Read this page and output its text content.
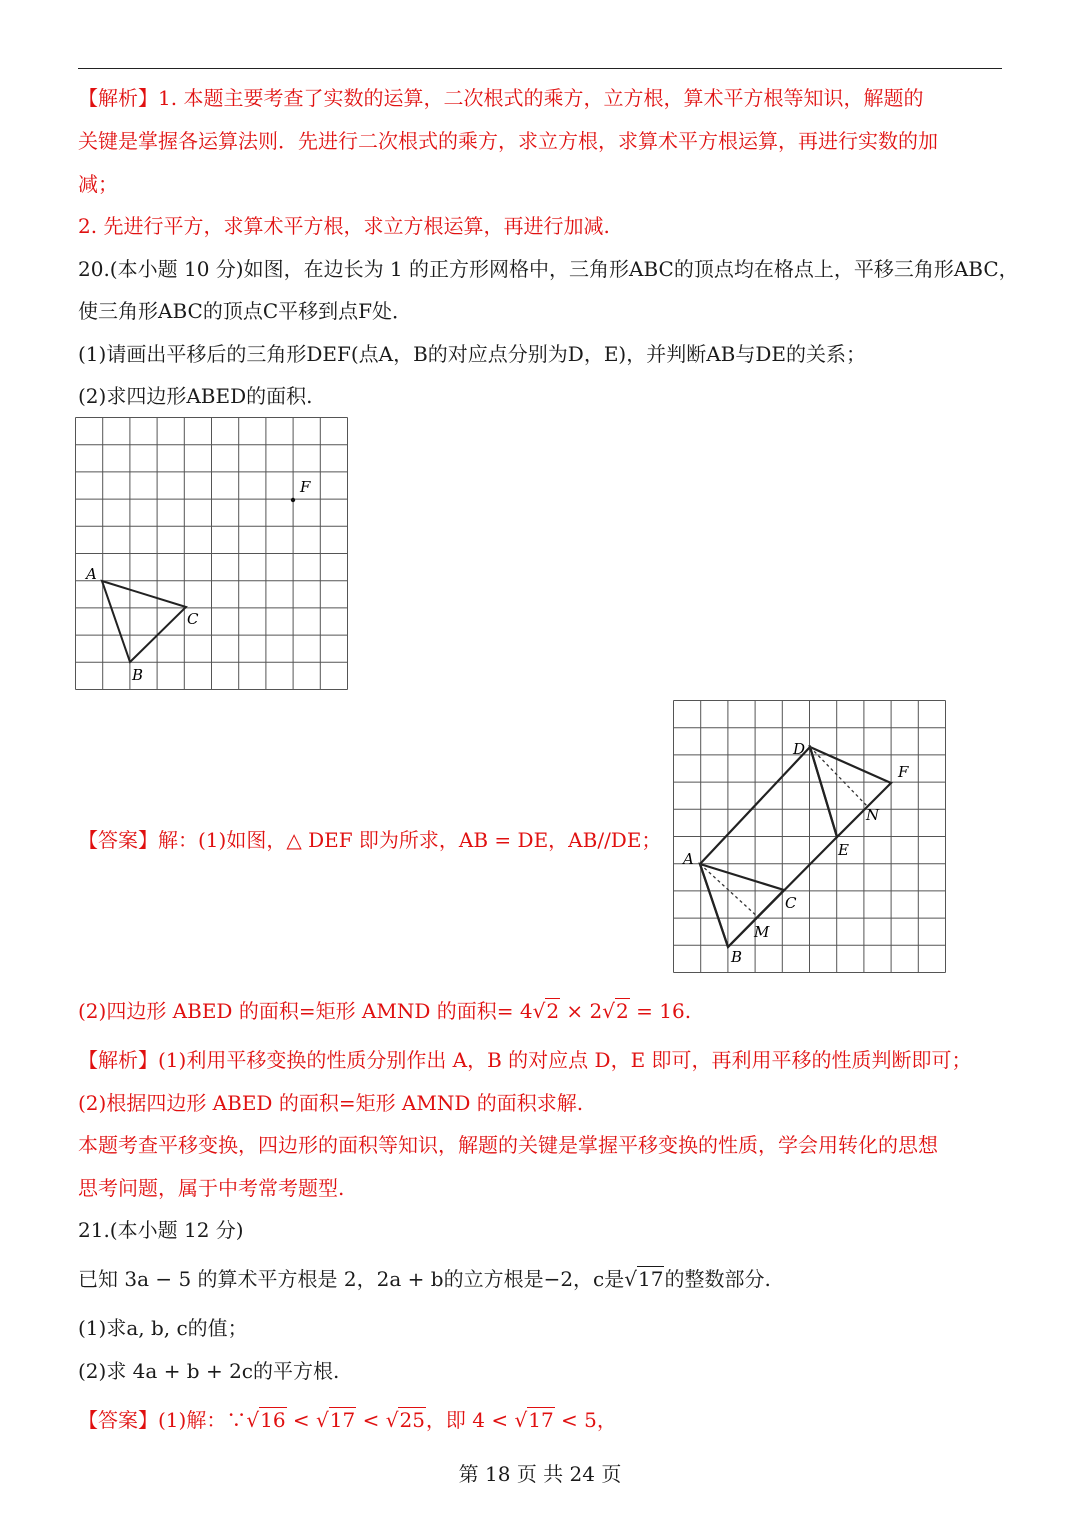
【解析】1. 本题主要考查了实数的运算，二次根式的乘方，立方根，算术平方根等知识，解题的
关键是掌握各运算法则．先进行二次根式的乘方，求立方根，求算术平方根运算，再进行实数的加
减；
2. 先进行平方，求算术平方根，求立方根运算，再进行加减.
20.(本小题 10 分)如图，在边长为 1 的正方形网格中，三角形ABC的顶点均在格点上，平移三角形ABC，
使三角形ABC的顶点C平移到点F处．
(1)请画出平移后的三角形DEF(点A，B的对应点分别为D，E)，并判断AB与DE的关系；
(2)求四边形ABED的面积.
A
B
C
F
【答案】解：(1)如图，△ DEF 即为所求，AB = DE，AB//DE；
A
B
C
D
E
F
M
N
(2)四边形 ABED 的面积=矩形 AMND 的面积= 4√2 × 2√2 = 16.
【解析】(1)利用平移变换的性质分别作出 A，B 的对应点 D，E 即可，再利用平移的性质判断即可；
(2)根据四边形 ABED 的面积=矩形 AMND 的面积求解.
本题考查平移变换，四边形的面积等知识，解题的关键是掌握平移变换的性质，学会用转化的思想
思考问题，属于中考常考题型.
21.(本小题 12 分)
已知 3a − 5 的算术平方根是 2，2a + b的立方根是−2，c是√17的整数部分.
(1)求a, b, c的值；
(2)求 4a + b + 2c的平方根.
【答案】(1)解：∵√16 < √17 < √25，即 4 < √17 < 5，
第 18 页 共 24 页
